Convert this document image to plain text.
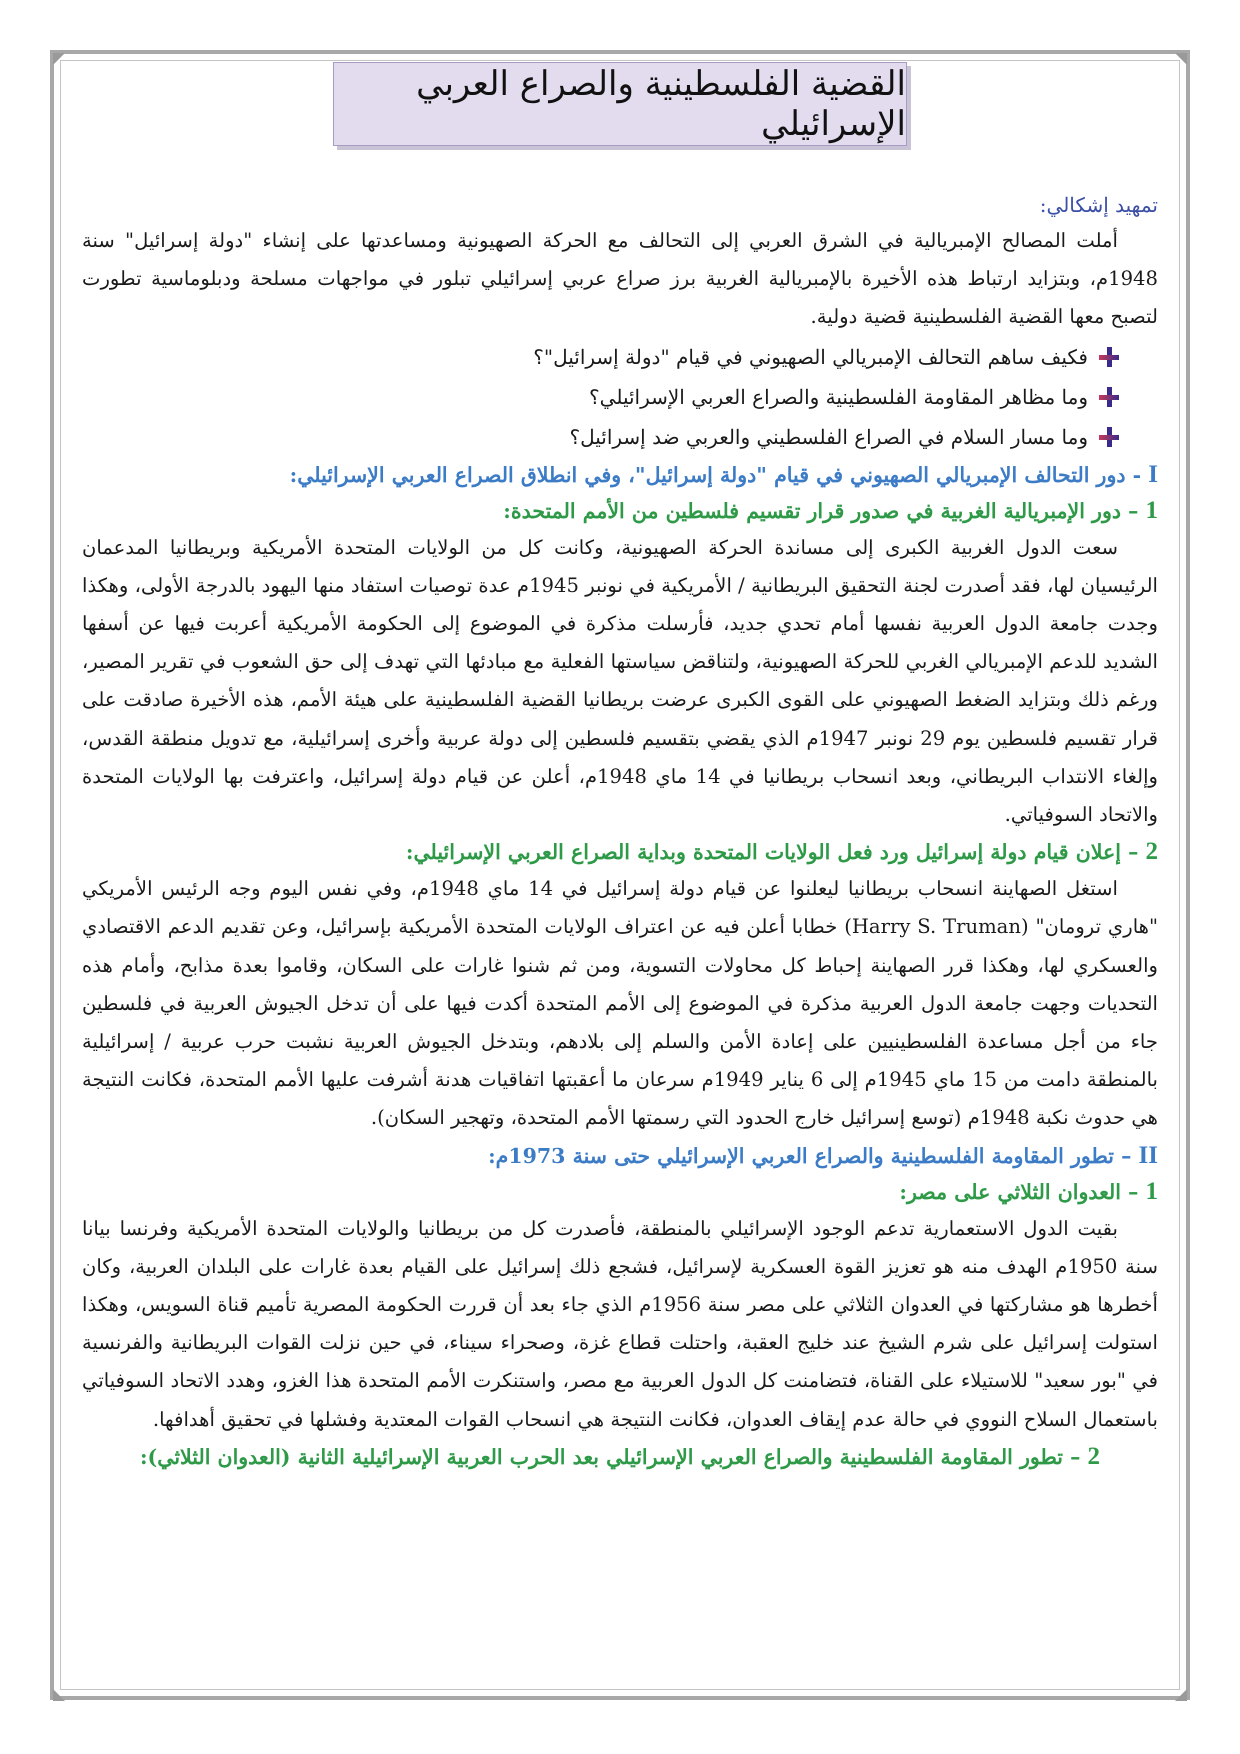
القضية الفلسطينية والصراع العربي الإسرائيلي

تمهيد إشكالي:

أملت المصالح الإمبريالية في الشرق العربي إلى التحالف مع الحركة الصهيونية ومساعدتها على إنشاء "دولة إسرائيل" سنة 1948م، وبتزايد ارتباط هذه الأخيرة بالإمبريالية الغربية برز صراع عربي إسرائيلي تبلور في مواجهات مسلحة ودبلوماسية تطورت لتصبح معها القضية الفلسطينية قضية دولية.

فكيف ساهم التحالف الإمبريالي الصهيوني في قيام "دولة إسرائيل"؟
وما مظاهر المقاومة الفلسطينية والصراع العربي الإسرائيلي؟
وما مسار السلام في الصراع الفلسطيني والعربي ضد إسرائيل؟

I - دور التحالف الإمبريالي الصهيوني في قيام "دولة إسرائيل"، وفي انطلاق الصراع العربي الإسرائيلي:

1 – دور الإمبريالية الغربية في صدور قرار تقسيم فلسطين من الأمم المتحدة:

سعت الدول الغربية الكبرى إلى مساندة الحركة الصهيونية، وكانت كل من الولايات المتحدة الأمريكية وبريطانيا المدعمان الرئيسيان لها، فقد أصدرت لجنة التحقيق البريطانية / الأمريكية في نونبر 1945م عدة توصيات استفاد منها اليهود بالدرجة الأولى، وهكذا وجدت جامعة الدول العربية نفسها أمام تحدي جديد، فأرسلت مذكرة في الموضوع إلى الحكومة الأمريكية أعربت فيها عن أسفها الشديد للدعم الإمبريالي الغربي للحركة الصهيونية، ولتناقض سياستها الفعلية مع مبادئها التي تهدف إلى حق الشعوب في تقرير المصير، ورغم ذلك وبتزايد الضغط الصهيوني على القوى الكبرى عرضت بريطانيا القضية الفلسطينية على هيئة الأمم، هذه الأخيرة صادقت على قرار تقسيم فلسطين يوم 29 نونبر 1947م الذي يقضي بتقسيم فلسطين إلى دولة عربية وأخرى إسرائيلية، مع تدويل منطقة القدس، وإلغاء الانتداب البريطاني، وبعد انسحاب بريطانيا في 14 ماي 1948م، أعلن عن قيام دولة إسرائيل، واعترفت بها الولايات المتحدة والاتحاد السوفياتي.

2 – إعلان قيام دولة إسرائيل ورد فعل الولايات المتحدة وبداية الصراع العربي الإسرائيلي:

استغل الصهاينة انسحاب بريطانيا ليعلنوا عن قيام دولة إسرائيل في 14 ماي 1948م، وفي نفس اليوم وجه الرئيس الأمريكي "هاري ترومان" (Harry S. Truman) خطابا أعلن فيه عن اعتراف الولايات المتحدة الأمريكية بإسرائيل، وعن تقديم الدعم الاقتصادي والعسكري لها، وهكذا قرر الصهاينة إحباط كل محاولات التسوية، ومن ثم شنوا غارات على السكان، وقاموا بعدة مذابح، وأمام هذه التحديات وجهت جامعة الدول العربية مذكرة في الموضوع إلى الأمم المتحدة أكدت فيها على أن تدخل الجيوش العربية في فلسطين جاء من أجل مساعدة الفلسطينيين على إعادة الأمن والسلم إلى بلادهم، وبتدخل الجيوش العربية نشبت حرب عربية / إسرائيلية بالمنطقة دامت من 15 ماي 1945م إلى 6 يناير 1949م سرعان ما أعقبتها اتفاقيات هدنة أشرفت عليها الأمم المتحدة، فكانت النتيجة هي حدوث نكبة 1948م (توسع إسرائيل خارج الحدود التي رسمتها الأمم المتحدة، وتهجير السكان).

II – تطور المقاومة الفلسطينية والصراع العربي الإسرائيلي حتى سنة 1973م:

1 – العدوان الثلاثي على مصر:

بقيت الدول الاستعمارية تدعم الوجود الإسرائيلي بالمنطقة، فأصدرت كل من بريطانيا والولايات المتحدة الأمريكية وفرنسا بيانا سنة 1950م الهدف منه هو تعزيز القوة العسكرية لإسرائيل، فشجع ذلك إسرائيل على القيام بعدة غارات على البلدان العربية، وكان أخطرها هو مشاركتها في العدوان الثلاثي على مصر سنة 1956م الذي جاء بعد أن قررت الحكومة المصرية تأميم قناة السويس، وهكذا استولت إسرائيل على شرم الشيخ عند خليج العقبة، واحتلت قطاع غزة، وصحراء سيناء، في حين نزلت القوات البريطانية والفرنسية في "بور سعيد" للاستيلاء على القناة، فتضامنت كل الدول العربية مع مصر، واستنكرت الأمم المتحدة هذا الغزو، وهدد الاتحاد السوفياتي باستعمال السلاح النووي في حالة عدم إيقاف العدوان، فكانت النتيجة هي انسحاب القوات المعتدية وفشلها في تحقيق أهدافها.

2 – تطور المقاومة الفلسطينية والصراع العربي الإسرائيلي بعد الحرب العربية الإسرائيلية الثانية (العدوان الثلاثي):
